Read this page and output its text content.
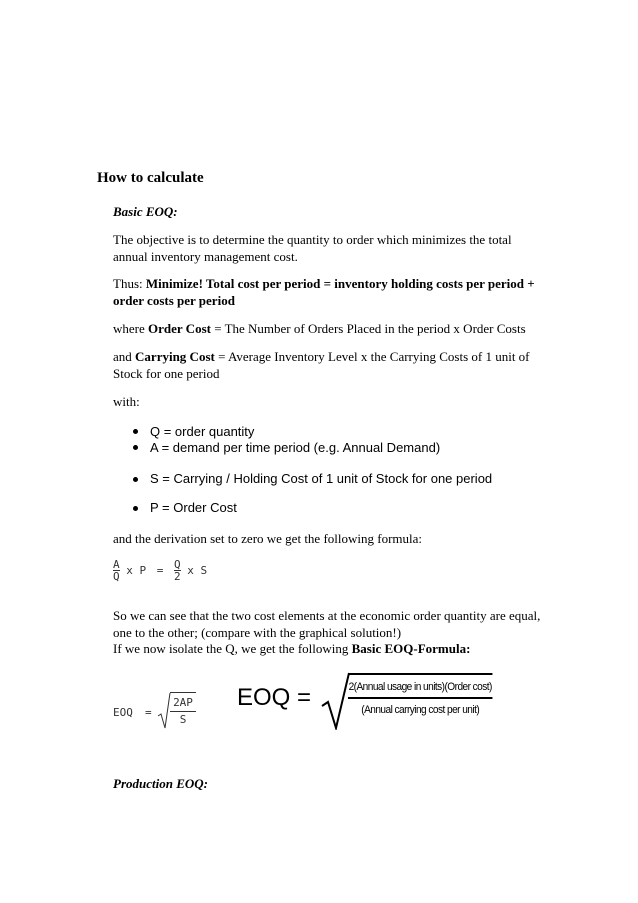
How to calculate
Basic EOQ:
The objective is to determine the quantity to order which minimizes the total
annual inventory management cost.
Thus: Minimize! Total cost per period = inventory holding costs per period +
order costs per period
where Order Cost = The Number of Orders Placed in the period x Order Costs
and Carrying Cost = Average Inventory Level x the Carrying Costs of 1 unit of
Stock for one period
with:
Q = order quantity
A = demand per time period (e.g. Annual Demand)
S = Carrying / Holding Cost of 1 unit of Stock for one period
P = Order Cost
and the derivation set to zero we get the following formula:
$\frac{A}{Q}$ x $P = \frac{Q}{2}$ x S
So we can see that the two cost elements at the economic order quantity are equal,
one to the other; (compare with the graphical solution!)
If we now isolate the Q, we get the following Basic EOQ-Formula:
EOQ = $\frac{2AP}{S}$ EOQ =	2(Annual usage in units)(Order cost)
(Annual carrying cost per unit)
Production EOQ:
